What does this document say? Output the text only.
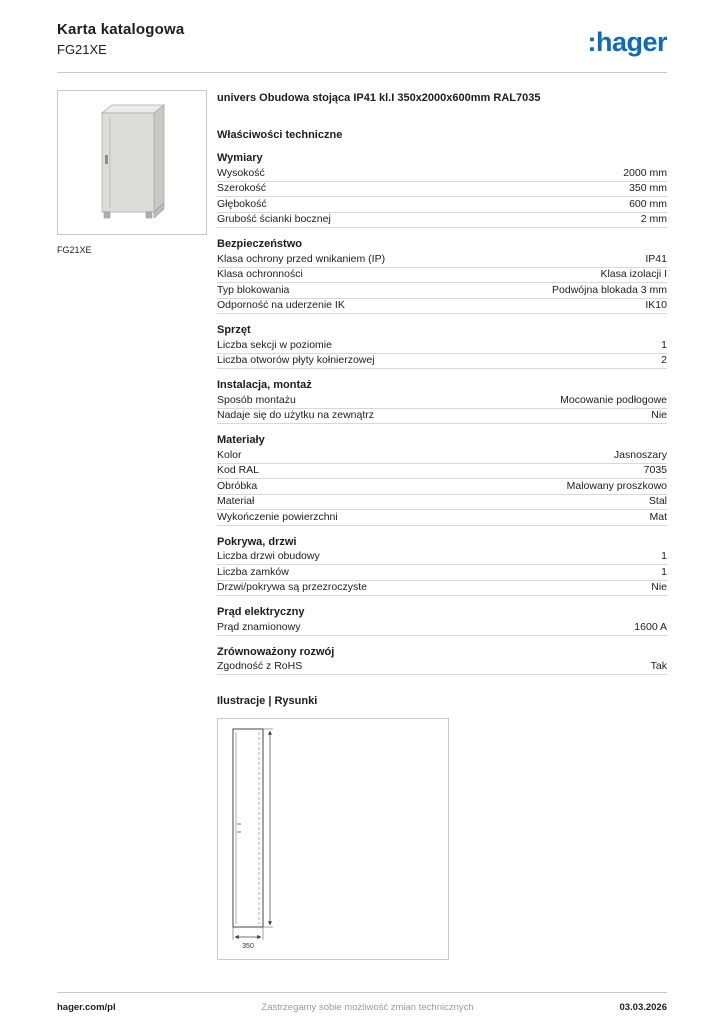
Karta katalogowa
FG21XE	:hager
FG21XE
univers Obudowa stojąca IP41 kl.I 350x2000x600mm RAL7035
Właściwości techniczne
Wymiary
Wysokość	2000 mm
Szerokość	350 mm
Głębokość	600 mm
Grubość ścianki bocznej	2 mm
Bezpieczeństwo
Klasa ochrony przed wnikaniem (IP)	IP41
Klasa ochronności	Klasa izolacji I
Typ blokowania	Podwójna blokada 3 mm
Odporność na uderzenie IK	IK10
Sprzęt
Liczba sekcji w poziomie	1
Liczba otworów płyty kołnierzowej	2
Instalacja, montaż
Sposób montażu	Mocowanie podłogowe
Nadaje się do użytku na zewnątrz	Nie
Materiały
Kolor	Jasnoszary
Kod RAL	7035
Obróbka	Malowany proszkowo
Materiał	Stal
Wykończenie powierzchni	Mat
Pokrywa, drzwi
Liczba drzwi obudowy	1
Liczba zamków	1
Drzwi/pokrywa są przezroczyste	Nie
Prąd elektryczny
Prąd znamionowy	1600 A
Zrównoważony rozwój
Zgodność z RoHS	Tak
Ilustracje | Rysunki
350
hager.com/pl	Zastrzegamy sobie możliwość zmian technicznych	03.03.2026
